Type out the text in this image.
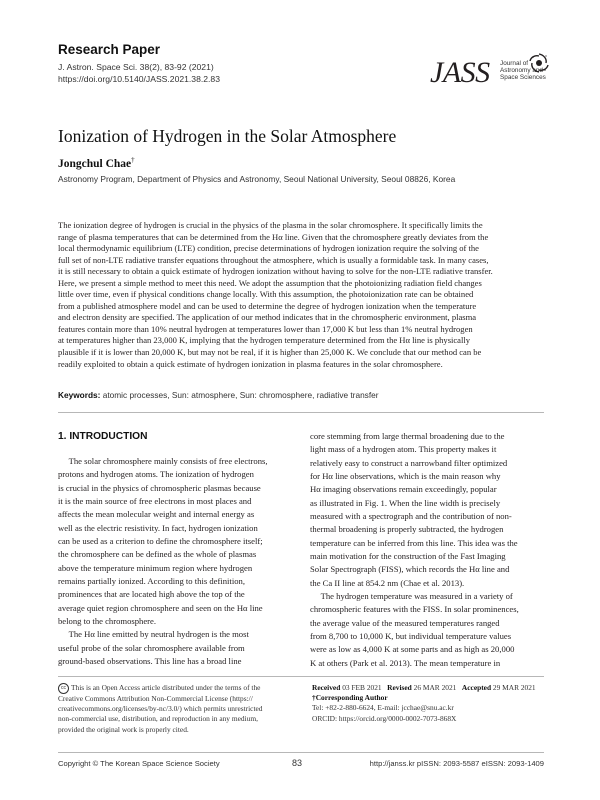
Research Paper
J. Astron. Space Sci. 38(2), 83-92 (2021)
https://doi.org/10.5140/JASS.2021.38.2.83	JASS Journal of
Astronomy and
Space Sciences
Ionization of Hydrogen in the Solar Atmosphere
Jongchul Chae†
Astronomy Program, Department of Physics and Astronomy, Seoul National University, Seoul 08826, Korea
The ionization degree of hydrogen is crucial in the physics of the plasma in the solar chromosphere. It specifically limits the
range of plasma temperatures that can be determined from the Hα line. Given that the chromosphere greatly deviates from the
local thermodynamic equilibrium (LTE) condition, precise determinations of hydrogen ionization require the solving of the
full set of non-LTE radiative transfer equations throughout the atmosphere, which is usually a formidable task. In many cases,
it is still necessary to obtain a quick estimate of hydrogen ionization without having to solve for the non-LTE radiative transfer.
Here, we present a simple method to meet this need. We adopt the assumption that the photoionizing radiation field changes
little over time, even if physical conditions change locally. With this assumption, the photoionization rate can be obtained
from a published atmosphere model and can be used to determine the degree of hydrogen ionization when the temperature
and electron density are specified. The application of our method indicates that in the chromospheric environment, plasma
features contain more than 10% neutral hydrogen at temperatures lower than 17,000 K but less than 1% neutral hydrogen
at temperatures higher than 23,000 K, implying that the hydrogen temperature determined from the Hα line is physically
plausible if it is lower than 20,000 K, but may not be real, if it is higher than 25,000 K. We conclude that our method can be
readily exploited to obtain a quick estimate of hydrogen ionization in plasma features in the solar chromosphere.
Keywords: atomic processes, Sun: atmosphere, Sun: chromosphere, radiative transfer
1. INTRODUCTION
The solar chromosphere mainly consists of free electrons,
protons and hydrogen atoms. The ionization of hydrogen
is crucial in the physics of chromospheric plasmas because
it is the main source of free electrons in most places and
affects the mean molecular weight and internal energy as
well as the electric resistivity. In fact, hydrogen ionization
can be used as a criterion to define the chromosphere itself;
the chromosphere can be defined as the whole of plasmas
above the temperature minimum region where hydrogen
remains partially ionized. According to this definition,
prominences that are located high above the top of the
average quiet region chromosphere and seen on the Hα line
belong to the chromosphere.
The Hα line emitted by neutral hydrogen is the most
useful probe of the solar chromosphere available from
ground-based observations. This line has a broad line
core stemming from large thermal broadening due to the
light mass of a hydrogen atom. This property makes it
relatively easy to construct a narrowband filter optimized
for Hα line observations, which is the main reason why
Hα imaging observations remain exceedingly, popular
as illustrated in Fig. 1. When the line width is precisely
measured with a spectrograph and the contribution of non-
thermal broadening is properly subtracted, the hydrogen
temperature can be inferred from this line. This idea was the
main motivation for the construction of the Fast Imaging
Solar Spectrograph (FISS), which records the Hα line and
the Ca II line at 854.2 nm (Chae et al. 2013).
The hydrogen temperature was measured in a variety of
chromospheric features with the FISS. In solar prominences,
the average value of the measured temperatures ranged
from 8,700 to 10,000 K, but individual temperature values
were as low as 4,000 K at some parts and as high as 20,000
K at others (Park et al. 2013). The mean temperature in
cc This is an Open Access article distributed under the terms of the
Creative Commons Attribution Non-Commercial License (https://
creativecommons.org/licenses/by-nc/3.0/) which permits unrestricted
non-commercial use, distribution, and reproduction in any medium,
provided the original work is properly cited.
Received 03 FEB 2021 Revised 26 MAR 2021 Accepted 29 MAR 2021
†Corresponding Author
Tel: +82-2-880-6624, E-mail: jcchae@snu.ac.kr
ORCID: https://orcid.org/0000-0002-7073-868X
Copyright © The Korean Space Science Society	83	http://janss.kr pISSN: 2093-5587 eISSN: 2093-1409
